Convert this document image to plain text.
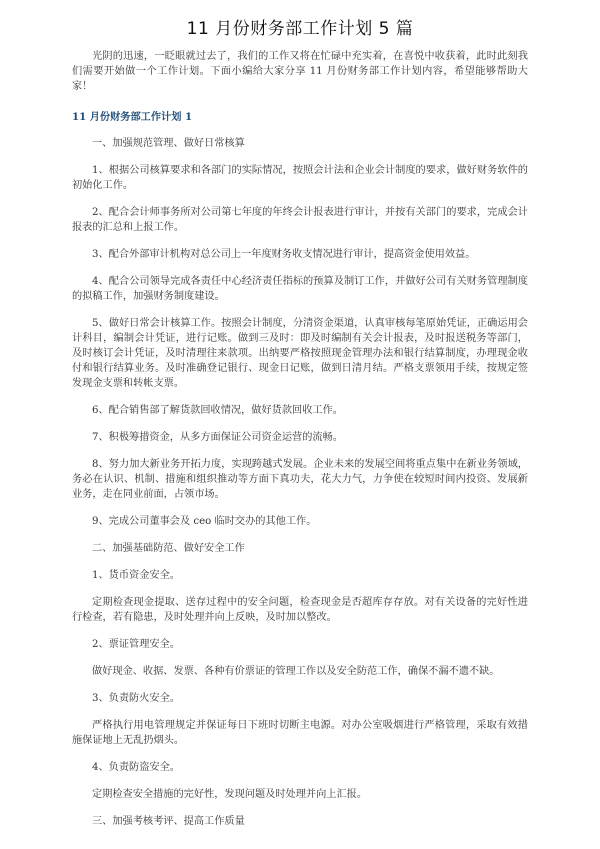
11 月份财务部工作计划 5 篇

光阴的迅速，一眨眼就过去了，我们的工作又将在忙碌中充实着，在喜悦中收获着，此时此刻我们需要开始做一个工作计划。下面小编给大家分享 11 月份财务部工作计划内容，希望能够帮助大家！

11 月份财务部工作计划 1

一、加强规范管理、做好日常核算

1、根据公司核算要求和各部门的实际情况，按照会计法和企业会计制度的要求，做好财务软件的初始化工作。

2、配合会计师事务所对公司第七年度的年终会计报表进行审计，并按有关部门的要求，完成会计报表的汇总和上报工作。

3、配合外部审计机构对总公司上一年度财务收支情况进行审计，提高资金使用效益。

4、配合公司领导完成各责任中心经济责任指标的预算及制订工作，并做好公司有关财务管理制度的拟稿工作，加强财务制度建设。

5、做好日常会计核算工作。按照会计制度，分清资金渠道，认真审核每笔原始凭证，正确运用会计科目，编制会计凭证，进行记账。做到三及时：即及时编制有关会计报表，及时报送税务等部门，及时核订会计凭证，及时清理往来款项。出纳要严格按照现金管理办法和银行结算制度，办理现金收付和银行结算业务。及时准确登记银行、现金日记账，做到日清月结。严格支票领用手续，按规定签发现金支票和转帐支票。

6、配合销售部了解货款回收情况，做好货款回收工作。

7、积极筹措资金，从多方面保证公司资金运营的流畅。

8、努力加大新业务开拓力度，实现跨越式发展。企业未来的发展空间将重点集中在新业务领域，务必在认识、机制、措施和组织推动等方面下真功夫，花大力气，力争使在较短时间内投资、发展新业务，走在同业前面，占领市场。

9、完成公司董事会及 ceo 临时交办的其他工作。

二、加强基础防范、做好安全工作

1、货币资金安全。

定期检查现金提取、送存过程中的安全问题，检查现金是否超库存存放。对有关设备的完好性进行检查，若有隐患，及时处理并向上反映，及时加以整改。

2、票证管理安全。

做好现金、收据、发票、各种有价票证的管理工作以及安全防范工作，确保不漏不遗不缺。

3、负责防火安全。

严格执行用电管理规定并保证每日下班时切断主电源。对办公室吸烟进行严格管理，采取有效措施保证地上无乱扔烟头。

4、负责防盗安全。

定期检查安全措施的完好性，发现问题及时处理并向上汇报。

三、加强考核考评、提高工作质量
